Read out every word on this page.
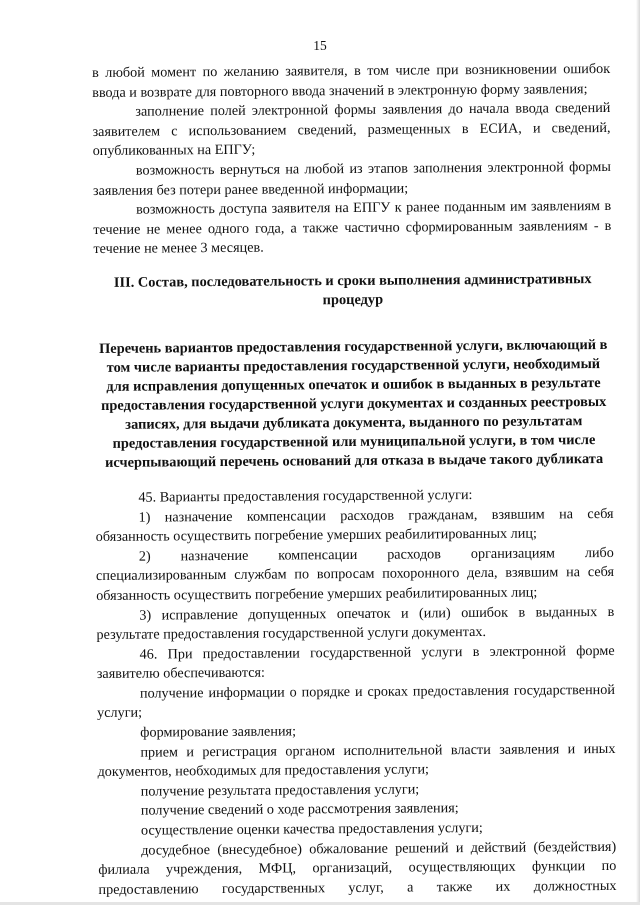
15

в любой момент по желанию заявителя, в том числе при возникновении ошибок ввода и возврате для повторного ввода значений в электронную форму заявления;

заполнение полей электронной формы заявления до начала ввода сведений заявителем с использованием сведений, размещенных в ЕСИА, и сведений, опубликованных на ЕПГУ;

возможность вернуться на любой из этапов заполнения электронной формы заявления без потери ранее введенной информации;

возможность доступа заявителя на ЕПГУ к ранее поданным им заявлениям в течение не менее одного года, а также частично сформированным заявлениям - в течение не менее 3 месяцев.

III. Состав, последовательность и сроки выполнения административных процедур
Перечень вариантов предоставления государственной услуги, включающий в том числе варианты предоставления государственной услуги, необходимый для исправления допущенных опечаток и ошибок в выданных в результате предоставления государственной услуги документах и созданных реестровых записях, для выдачи дубликата документа, выданного по результатам предоставления государственной или муниципальной услуги, в том числе исчерпывающий перечень оснований для отказа в выдаче такого дубликата

45. Варианты предоставления государственной услуги:

1) назначение компенсации расходов гражданам, взявшим на себя обязанность осуществить погребение умерших реабилитированных лиц;

2) назначение компенсации расходов организациям либо специализированным службам по вопросам похоронного дела, взявшим на себя обязанность осуществить погребение умерших реабилитированных лиц;

3) исправление допущенных опечаток и (или) ошибок в выданных в результате предоставления государственной услуги документах.

46. При предоставлении государственной услуги в электронной форме заявителю обеспечиваются:

получение информации о порядке и сроках предоставления государственной услуги;

формирование заявления;

прием и регистрация органом исполнительной власти заявления и иных документов, необходимых для предоставления услуги;

получение результата предоставления услуги;

получение сведений о ходе рассмотрения заявления;

осуществление оценки качества предоставления услуги;

досудебное (внесудебное) обжалование решений и действий (бездействия) филиала учреждения, МФЦ, организаций, осуществляющих функции по предоставлению государственных услуг, а также их должностных
